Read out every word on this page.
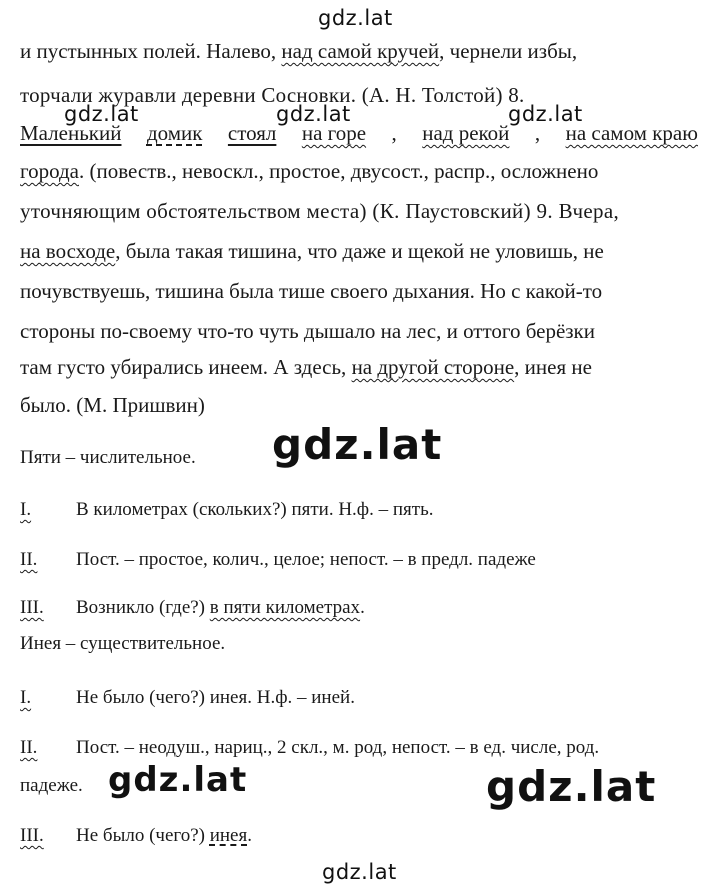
gdz.lat
gdz.lat	gdz.lat	gdz.lat
gdz.lat
gdz.lat	gdz.lat
gdz.lat
и пустынных полей. Налево, над самой кручей, чернели избы,
торчали журавли деревни Сосновки. (А. Н. Толстой) 8.
Маленький домик стоял на горе , над рекой , на самом краю
города. (повеств., невоскл., простое, двусост., распр., осложнено
уточняющим обстоятельством места) (К. Паустовский) 9. Вчера,
на восходе, была такая тишина, что даже и щекой не уловишь, не
почувствуешь, тишина была тише своего дыхания. Но с какой-то
стороны по-своему что-то чуть дышало на лес, и оттого берёзки
там густо убирались инеем. А здесь, на другой стороне, инея не
было. (М. Пришвин)
Пяти – числительное.
I. В километрах (скольких?) пяти. Н.ф. – пять.
II. Пост. – простое, колич., целое; непост. – в предл. падеже
III. Возникло (где?) в пяти километрах.
Инея – существительное.
I. Не было (чего?) инея. Н.ф. – иней.
II. Пост. – неодуш., нариц., 2 скл., м. род, непост. – в ед. числе, род.
падеже.
III. Не было (чего?) инея.
